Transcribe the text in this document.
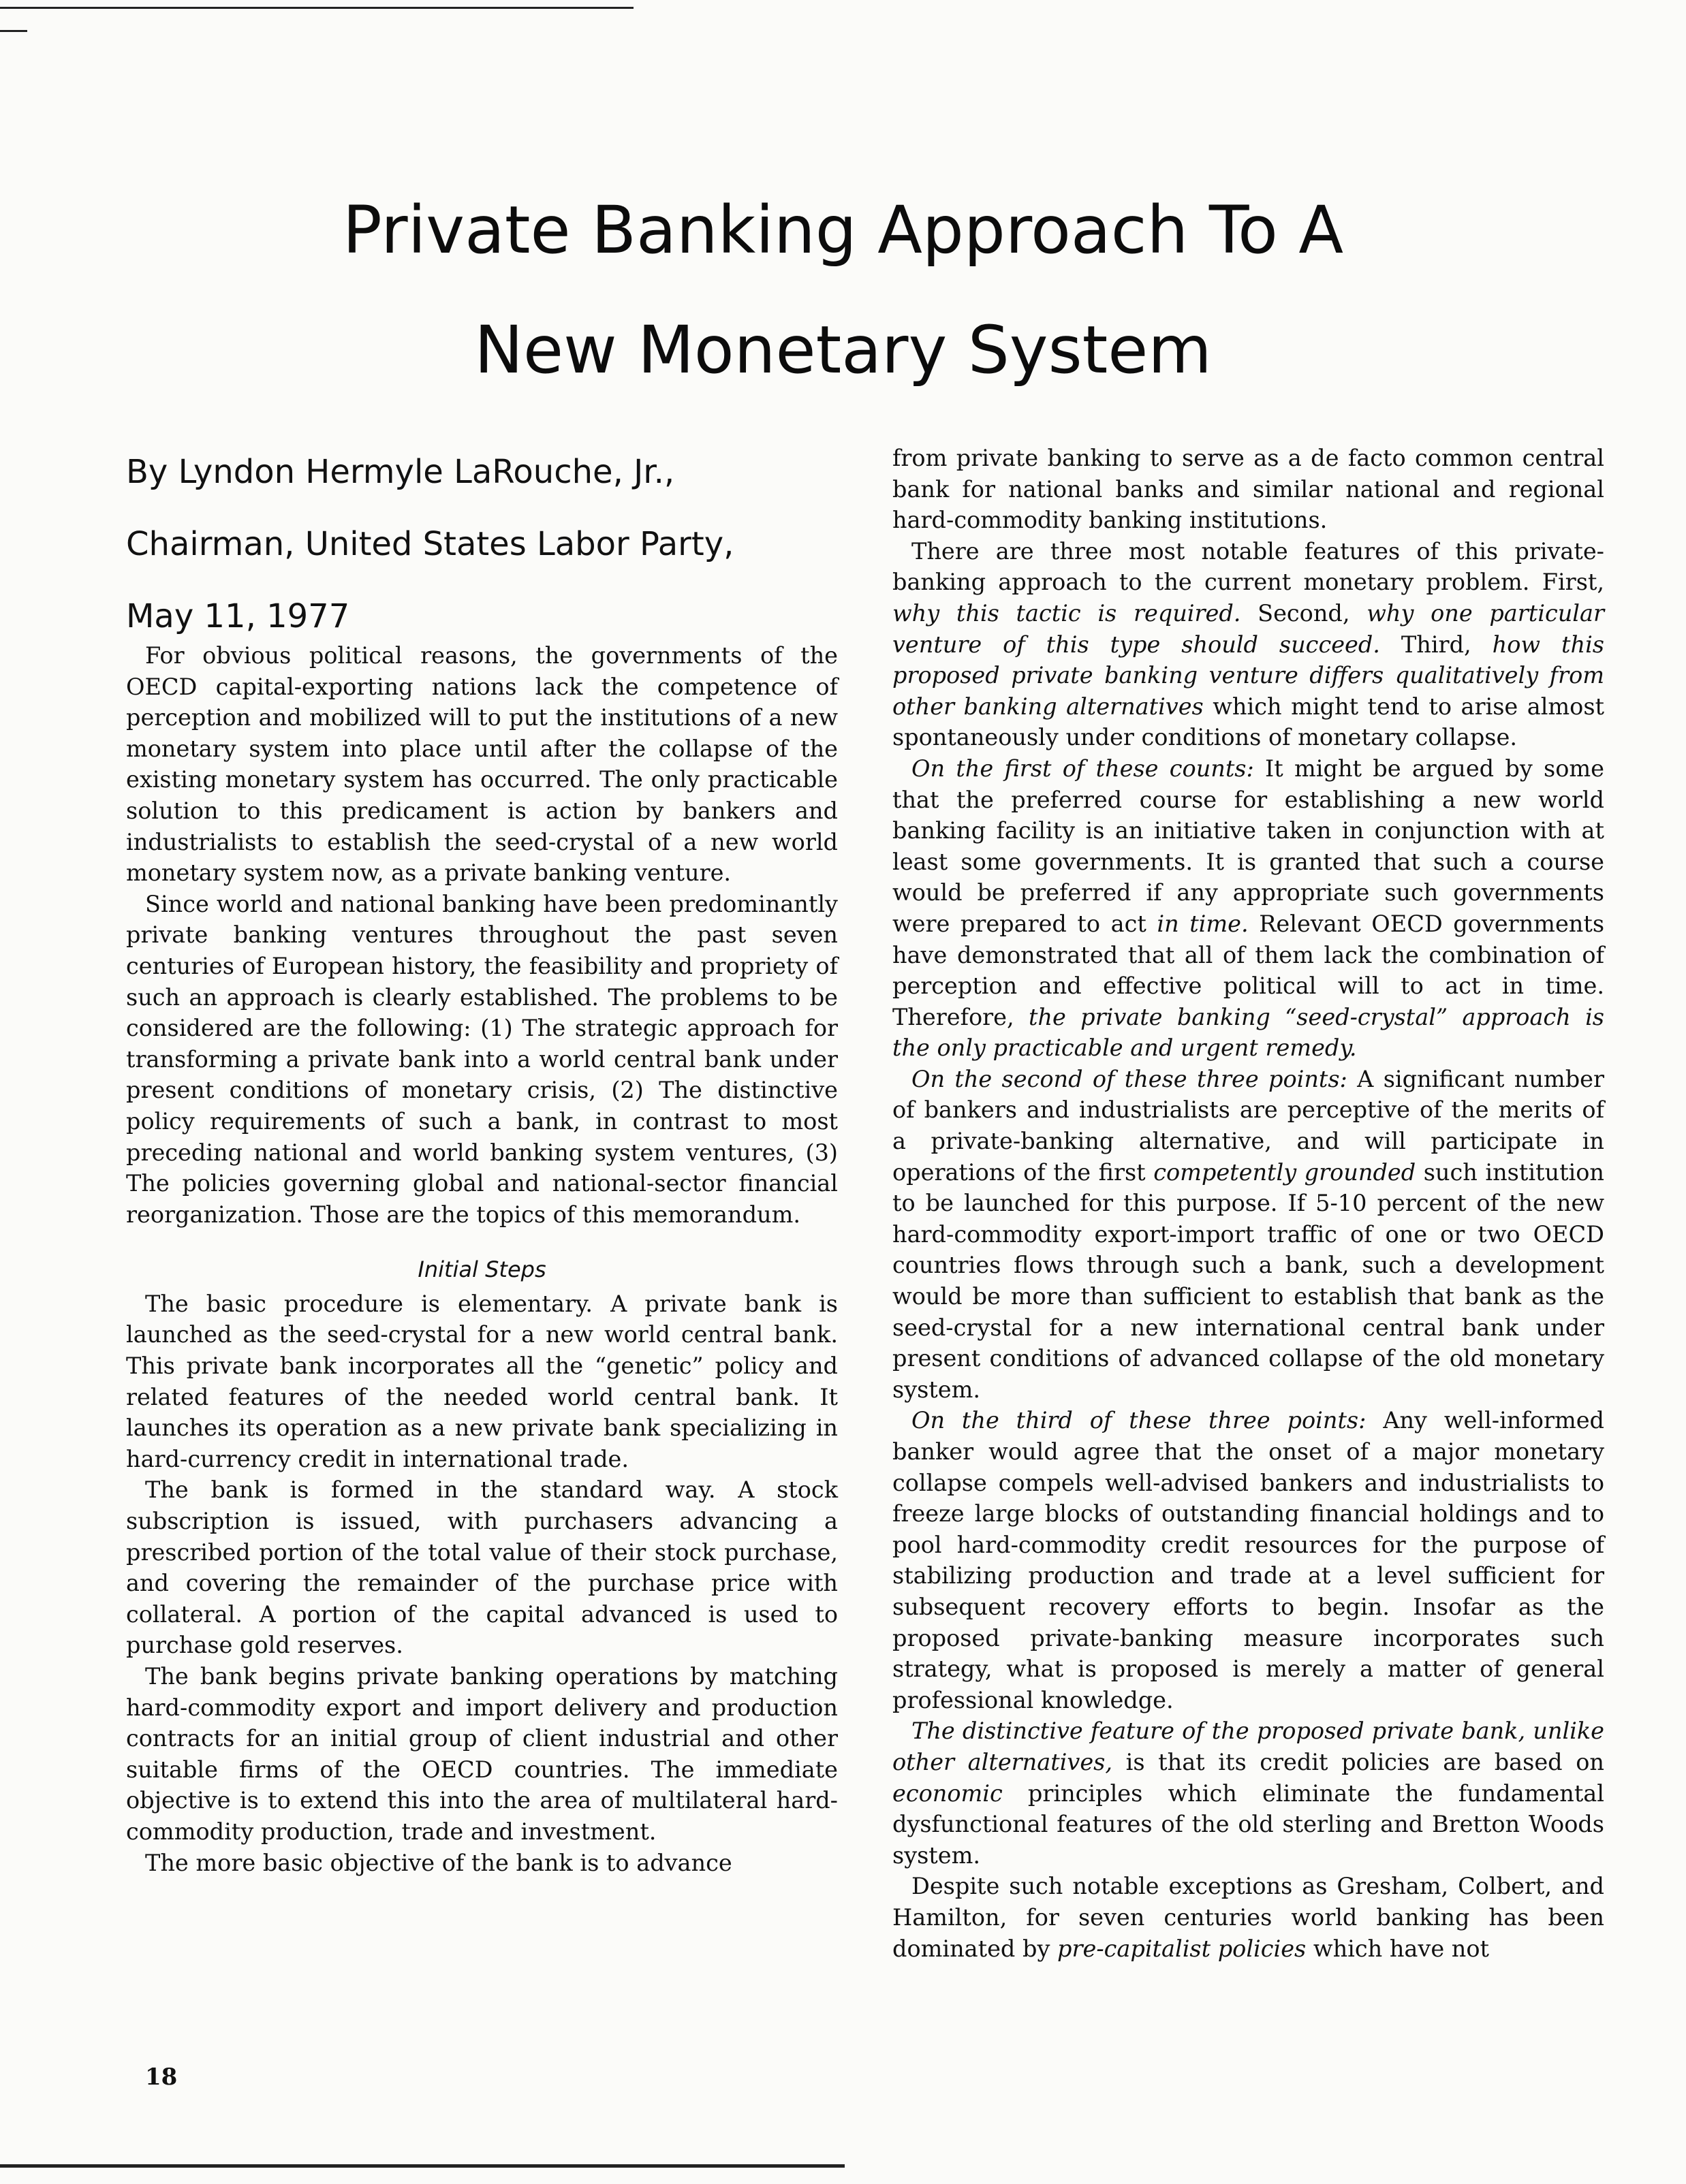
Private Banking Approach To A
New Monetary System
By Lyndon Hermyle LaRouche, Jr.,
Chairman, United States Labor Party,
May 11, 1977

For obvious political reasons, the governments of the OECD capital-exporting nations lack the competence of perception and mobilized will to put the institutions of a new monetary system into place until after the collapse of the existing monetary system has occurred. The only practicable solution to this predicament is action by bankers and industrialists to establish the seed-crystal of a new world monetary system now, as a private banking venture.

Since world and national banking have been predominantly private banking ventures throughout the past seven centuries of European history, the feasibility and propriety of such an approach is clearly established. The problems to be considered are the following: (1) The strategic approach for transforming a private bank into a world central bank under present conditions of monetary crisis, (2) The distinctive policy requirements of such a bank, in contrast to most preceding national and world banking system ventures, (3) The policies governing global and national-sector financial reorganization. Those are the topics of this memorandum.

Initial Steps

The basic procedure is elementary. A private bank is launched as the seed-crystal for a new world central bank. This private bank incorporates all the “genetic” policy and related features of the needed world central bank. It launches its operation as a new private bank specializing in hard-currency credit in international trade.

The bank is formed in the standard way. A stock subscription is issued, with purchasers advancing a prescribed portion of the total value of their stock purchase, and covering the remainder of the purchase price with collateral. A portion of the capital advanced is used to purchase gold reserves.

The bank begins private banking operations by matching hard-commodity export and import delivery and production contracts for an initial group of client industrial and other suitable firms of the OECD countries. The immediate objective is to extend this into the area of multilateral hard-commodity production, trade and investment.

The more basic objective of the bank is to advance

from private banking to serve as a de facto common central bank for national banks and similar national and regional hard-commodity banking institutions.

There are three most notable features of this private-banking approach to the current monetary problem. First, why this tactic is required. Second, why one particular venture of this type should succeed. Third, how this proposed private banking venture differs qualitatively from other banking alternatives which might tend to arise almost spontaneously under conditions of monetary collapse.

On the first of these counts: It might be argued by some that the preferred course for establishing a new world banking facility is an initiative taken in conjunction with at least some governments. It is granted that such a course would be preferred if any appropriate such governments were prepared to act in time. Relevant OECD governments have demonstrated that all of them lack the combination of perception and effective political will to act in time. Therefore, the private banking “seed-crystal” approach is the only practicable and urgent remedy.

On the second of these three points: A significant number of bankers and industrialists are perceptive of the merits of a private-banking alternative, and will participate in operations of the first competently grounded such institution to be launched for this purpose. If 5-10 percent of the new hard-commodity export-import traffic of one or two OECD countries flows through such a bank, such a development would be more than sufficient to establish that bank as the seed-crystal for a new international central bank under present conditions of advanced collapse of the old monetary system.

On the third of these three points: Any well-informed banker would agree that the onset of a major monetary collapse compels well-advised bankers and industrialists to freeze large blocks of outstanding financial holdings and to pool hard-commodity credit resources for the purpose of stabilizing production and trade at a level sufficient for subsequent recovery efforts to begin. Insofar as the proposed private-banking measure incorporates such strategy, what is proposed is merely a matter of general professional knowledge.

The distinctive feature of the proposed private bank, unlike other alternatives, is that its credit policies are based on economic principles which eliminate the fundamental dysfunctional features of the old sterling and Bretton Woods system.

Despite such notable exceptions as Gresham, Colbert, and Hamilton, for seven centuries world banking has been dominated by pre-capitalist policies which have not

18
